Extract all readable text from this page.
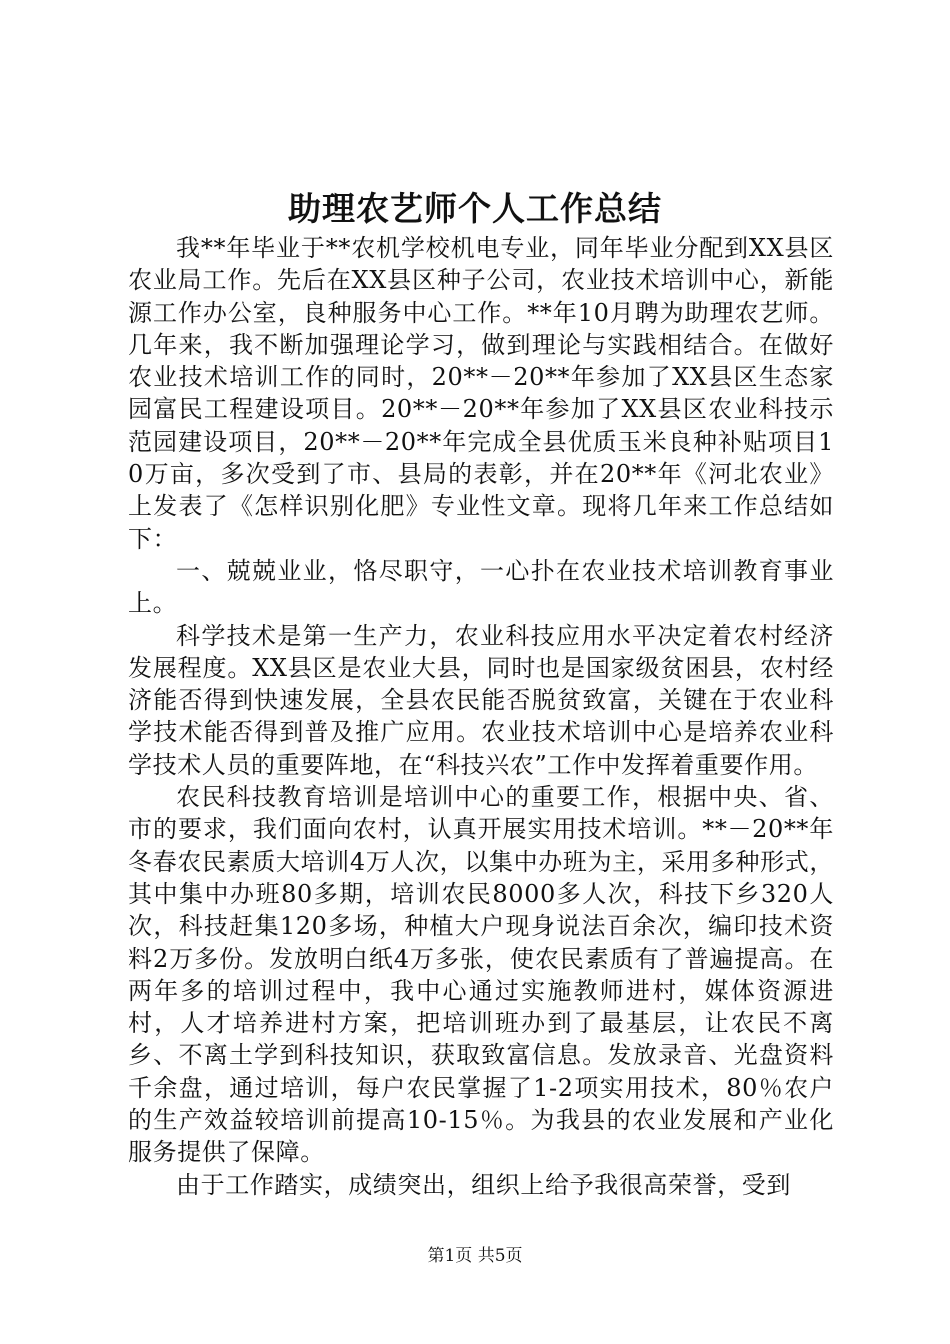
助理农艺师个人工作总结

我**年毕业于**农机学校机电专业，同年毕业分配到XX县区农业局工作。先后在XX县区种子公司，农业技术培训中心，新能源工作办公室，良种服务中心工作。**年10月聘为助理农艺师。几年来，我不断加强理论学习，做到理论与实践相结合。在做好农业技术培训工作的同时，20**－20**年参加了XX县区生态家园富民工程建设项目。20**－20**年参加了XX县区农业科技示范园建设项目，20**－20**年完成全县优质玉米良种补贴项目10万亩，多次受到了市、县局的表彰，并在20**年《河北农业》上发表了《怎样识别化肥》专业性文章。现将几年来工作总结如下：

一、兢兢业业，恪尽职守，一心扑在农业技术培训教育事业上。

科学技术是第一生产力，农业科技应用水平决定着农村经济发展程度。XX县区是农业大县，同时也是国家级贫困县，农村经济能否得到快速发展，全县农民能否脱贫致富，关键在于农业科学技术能否得到普及推广应用。农业技术培训中心是培养农业科学技术人员的重要阵地，在“科技兴农”工作中发挥着重要作用。

农民科技教育培训是培训中心的重要工作，根据中央、省、市的要求，我们面向农村，认真开展实用技术培训。**－20**年冬春农民素质大培训4万人次，以集中办班为主，采用多种形式，其中集中办班80多期，培训农民8000多人次，科技下乡320人次，科技赶集120多场，种植大户现身说法百余次，编印技术资料2万多份。发放明白纸4万多张，使农民素质有了普遍提高。在两年多的培训过程中，我中心通过实施教师进村，媒体资源进村，人才培养进村方案，把培训班办到了最基层，让农民不离乡、不离土学到科技知识，获取致富信息。发放录音、光盘资料千余盘，通过培训，每户农民掌握了1-2项实用技术，80％农户的生产效益较培训前提高10-15％。为我县的农业发展和产业化服务提供了保障。

由于工作踏实，成绩突出，组织上给予我很高荣誉，受到

第1页 共5页
